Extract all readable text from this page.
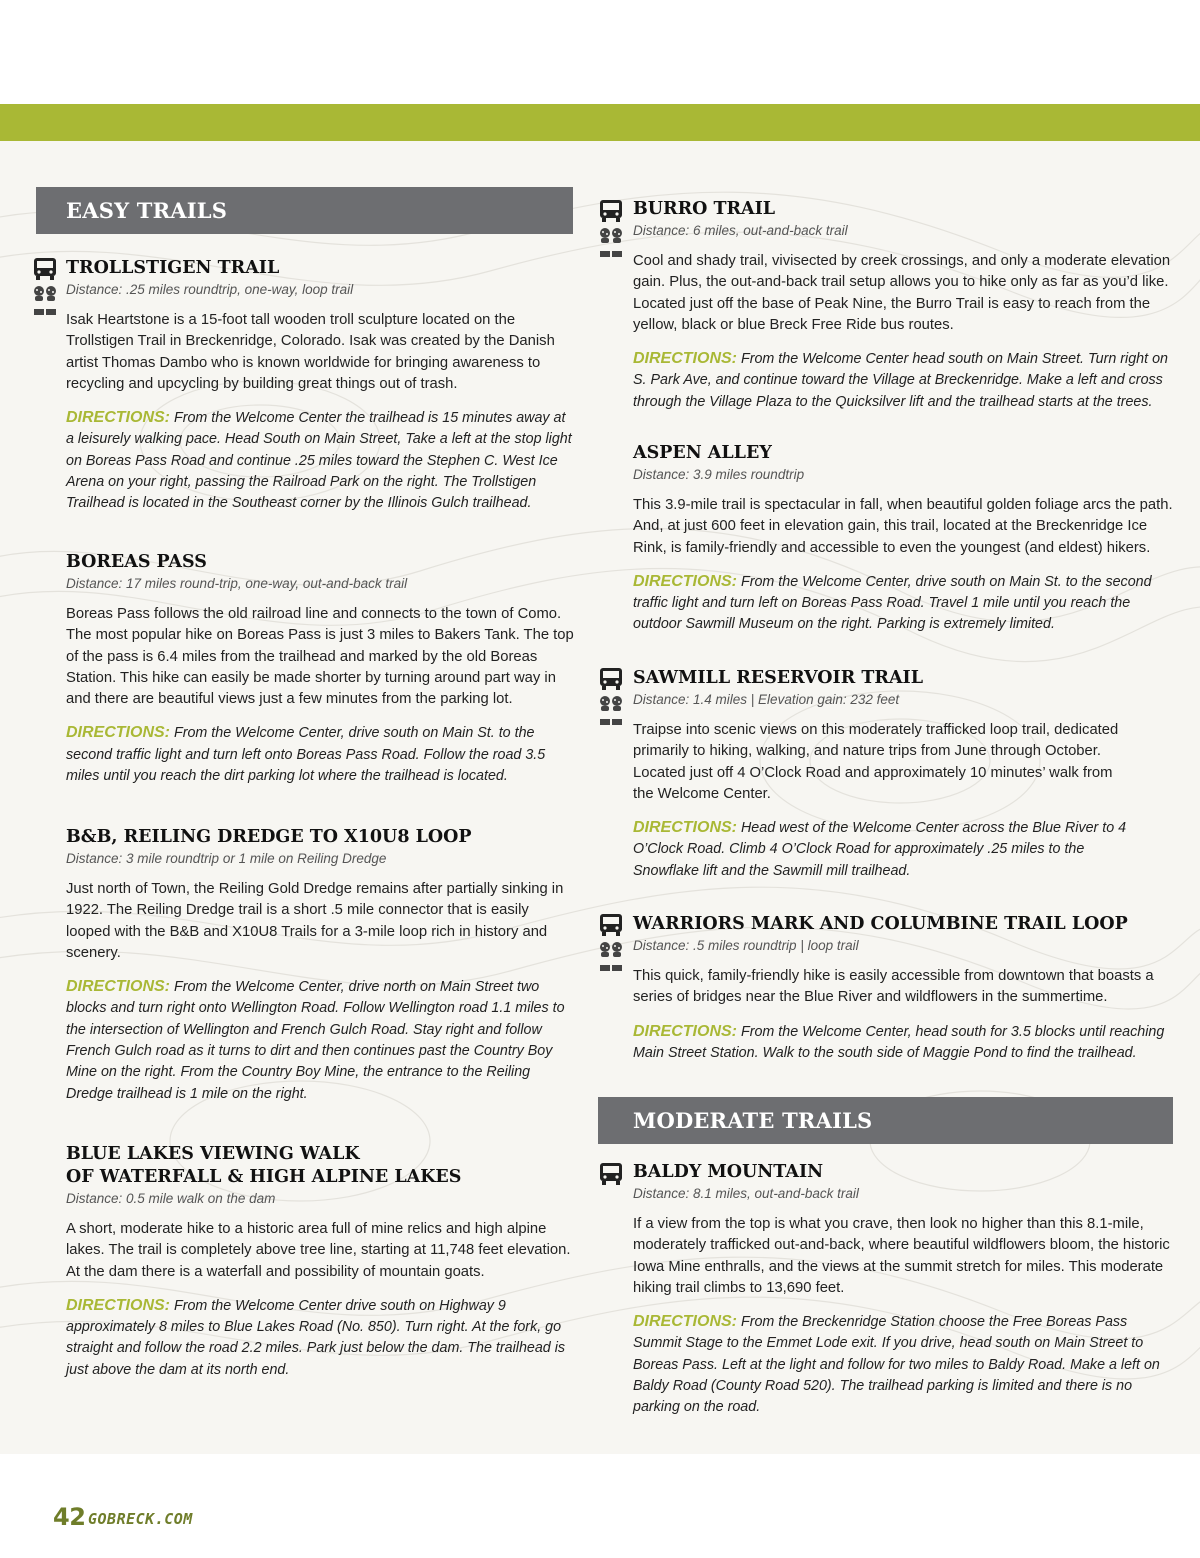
EASY TRAILS
TROLLSTIGEN TRAIL
Distance: .25 miles roundtrip, one-way, loop trail
Isak Heartstone is a 15-foot tall wooden troll sculpture located on the Trollstigen Trail in Breckenridge, Colorado. Isak was created by the Danish artist Thomas Dambo who is known worldwide for bringing awareness to recycling and upcycling by building great things out of trash.
DIRECTIONS: From the Welcome Center the trailhead is 15 minutes away at a leisurely walking pace. Head South on Main Street, Take a left at the stop light on Boreas Pass Road and continue .25 miles toward the Stephen C. West Ice Arena on your right, passing the Railroad Park on the right. The Trollstigen Trailhead is located in the Southeast corner by the Illinois Gulch trailhead.
BOREAS PASS
Distance: 17 miles round-trip, one-way, out-and-back trail
Boreas Pass follows the old railroad line and connects to the town of Como. The most popular hike on Boreas Pass is just 3 miles to Bakers Tank. The top of the pass is 6.4 miles from the trailhead and marked by the old Boreas Station. This hike can easily be made shorter by turning around part way in and there are beautiful views just a few minutes from the parking lot.
DIRECTIONS: From the Welcome Center, drive south on Main St. to the second traffic light and turn left onto Boreas Pass Road. Follow the road 3.5 miles until you reach the dirt parking lot where the trailhead is located.
B&B, REILING DREDGE TO X10U8 LOOP
Distance: 3 mile roundtrip or 1 mile on Reiling Dredge
Just north of Town, the Reiling Gold Dredge remains after partially sinking in 1922. The Reiling Dredge trail is a short .5 mile connector that is easily looped with the B&B and X10U8 Trails for a 3-mile loop rich in history and scenery.
DIRECTIONS: From the Welcome Center, drive north on Main Street two blocks and turn right onto Wellington Road. Follow Wellington road 1.1 miles to the intersection of Wellington and French Gulch Road. Stay right and follow French Gulch road as it turns to dirt and then continues past the Country Boy Mine on the right. From the Country Boy Mine, the entrance to the Reiling Dredge trailhead is 1 mile on the right.
BLUE LAKES VIEWING WALK
OF WATERFALL & HIGH ALPINE LAKES
Distance: 0.5 mile walk on the dam
A short, moderate hike to a historic area full of mine relics and high alpine lakes. The trail is completely above tree line, starting at 11,748 feet elevation. At the dam there is a waterfall and possibility of mountain goats.
DIRECTIONS: From the Welcome Center drive south on Highway 9 approximately 8 miles to Blue Lakes Road (No. 850). Turn right. At the fork, go straight and follow the road 2.2 miles. Park just below the dam. The trailhead is just above the dam at its north end.
BURRO TRAIL
Distance: 6 miles, out-and-back trail
Cool and shady trail, vivisected by creek crossings, and only a moderate elevation gain. Plus, the out-and-back trail setup allows you to hike only as far as you’d like. Located just off the base of Peak Nine, the Burro Trail is easy to reach from the yellow, black or blue Breck Free Ride bus routes.
DIRECTIONS: From the Welcome Center head south on Main Street. Turn right on S. Park Ave, and continue toward the Village at Breckenridge. Make a left and cross through the Village Plaza to the Quicksilver lift and the trailhead starts at the trees.
ASPEN ALLEY
Distance: 3.9 miles roundtrip
This 3.9-mile trail is spectacular in fall, when beautiful golden foliage arcs the path. And, at just 600 feet in elevation gain, this trail, located at the Breckenridge Ice Rink, is family-friendly and accessible to even the youngest (and eldest) hikers.
DIRECTIONS: From the Welcome Center, drive south on Main St. to the second traffic light and turn left on Boreas Pass Road. Travel 1 mile until you reach the outdoor Sawmill Museum on the right. Parking is extremely limited.
SAWMILL RESERVOIR TRAIL
Distance: 1.4 miles | Elevation gain: 232 feet
Traipse into scenic views on this moderately trafficked loop trail, dedicated primarily to hiking, walking, and nature trips from June through October. Located just off 4 O’Clock Road and approximately 10 minutes’ walk from the Welcome Center.
DIRECTIONS: Head west of the Welcome Center across the Blue River to 4 O’Clock Road. Climb 4 O’Clock Road for approximately .25 miles to the Snowflake lift and the Sawmill mill trailhead.
WARRIORS MARK AND COLUMBINE TRAIL LOOP
Distance: .5 miles roundtrip | loop trail
This quick, family-friendly hike is easily accessible from downtown that boasts a series of bridges near the Blue River and wildflowers in the summertime.
DIRECTIONS: From the Welcome Center, head south for 3.5 blocks until reaching Main Street Station. Walk to the south side of Maggie Pond to find the trailhead.
MODERATE TRAILS
BALDY MOUNTAIN
Distance: 8.1 miles, out-and-back trail
If a view from the top is what you crave, then look no higher than this 8.1-mile, moderately trafficked out-and-back, where beautiful wildflowers bloom, the historic Iowa Mine enthralls, and the views at the summit stretch for miles. This moderate hiking trail climbs to 13,690 feet.
DIRECTIONS: From the Breckenridge Station choose the Free Boreas Pass Summit Stage to the Emmet Lode exit. If you drive, head south on Main Street to Boreas Pass. Left at the light and follow for two miles to Baldy Road. Make a left on Baldy Road (County Road 520). The trailhead parking is limited and there is no parking on the road.
42 GOBRECK.COM
